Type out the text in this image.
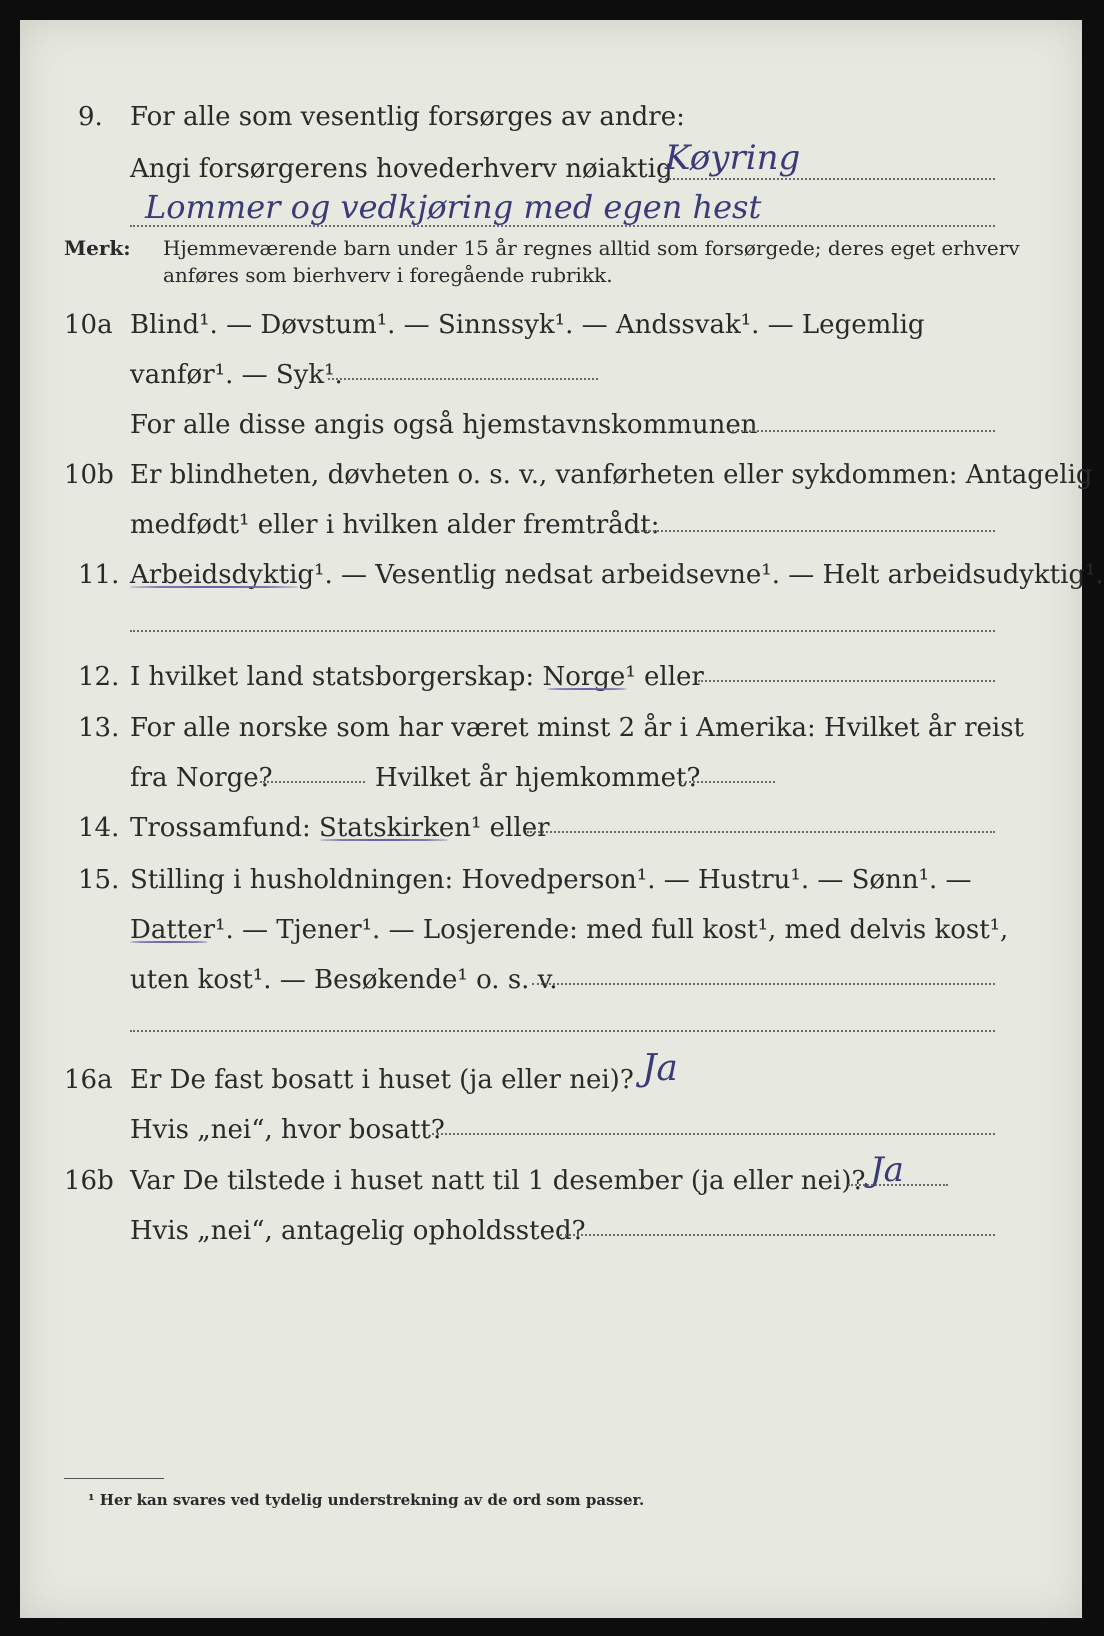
9. For alle som vesentlig forsørges av andre:
Angi forsørgerens hovederhverv nøiaktig
Køyring
Lommer og vedkjøring med egen hest
Merk: Hjemmeværende barn under 15 år regnes alltid som forsørgede; deres eget erhverv
anføres som bierhverv i foregående rubrikk.
10a Blind¹. — Døvstum¹. — Sinnssyk¹. — Andssvak¹. — Legemlig
vanfør¹. — Syk¹.
For alle disse angis også hjemstavnskommunen
10b Er blindheten, døvheten o. s. v., vanførheten eller sykdommen: Antagelig
medfødt¹ eller i hvilken alder fremtrådt:
11. Arbeidsdyktig¹. — Vesentlig nedsat arbeidsevne¹. — Helt arbeidsudyktig¹.
12. I hvilket land statsborgerskap: Norge¹ eller
13. For alle norske som har været minst 2 år i Amerika: Hvilket år reist
fra Norge?	Hvilket år hjemkommet?
14. Trossamfund: Statskirken¹ eller
15. Stilling i husholdningen: Hovedperson¹. — Hustru¹. — Sønn¹. —
Datter¹. — Tjener¹. — Losjerende: med full kost¹, med delvis kost¹,
uten kost¹. — Besøkende¹ o. s. v.
16a Er De fast bosatt i huset (ja eller nei)? Ja
Hvis „nei“, hvor bosatt?
16b Var De tilstede i huset natt til 1 desember (ja eller nei)? Ja
Hvis „nei“, antagelig opholdssted?
¹ Her kan svares ved tydelig understrekning av de ord som passer.
